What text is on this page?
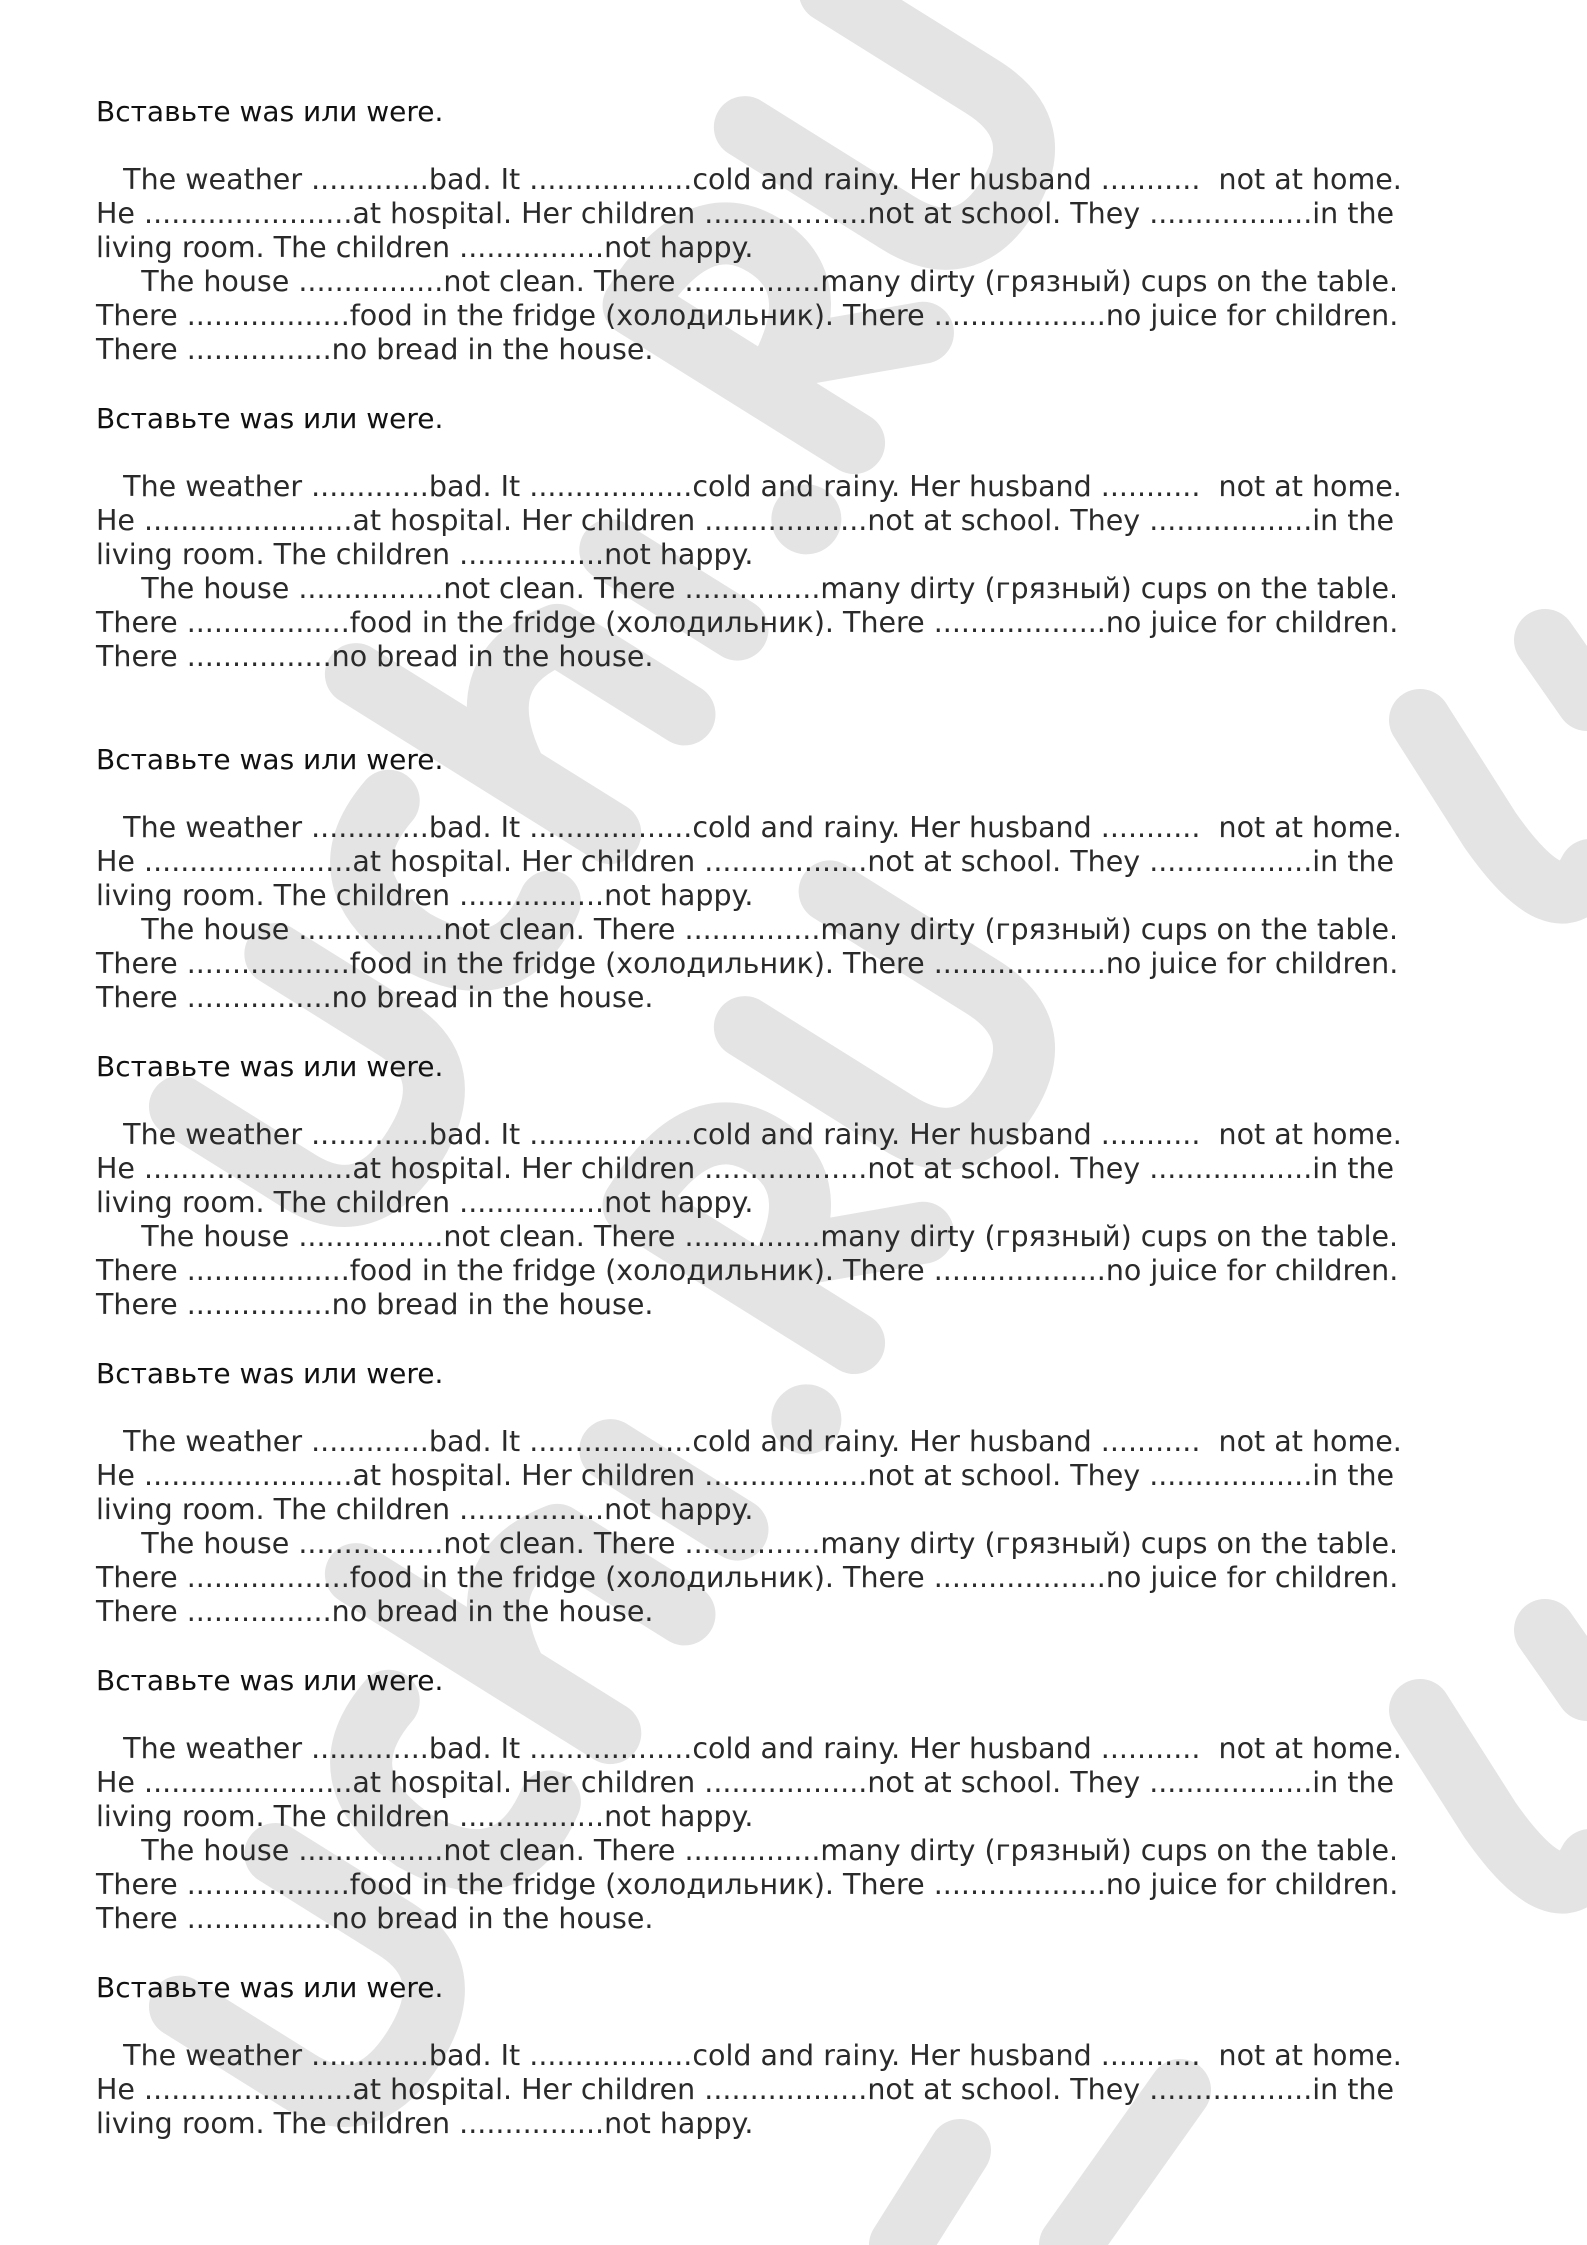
Вставьте was или were.

The weather .............bad. It ..................cold and rainy. Her husband ...........  not at home.

He .......................at hospital. Her children ..................not at school. They ..................in the

living room. The children ................not happy.

The house ................not clean. There ...............many dirty (грязный) cups on the table.

There ..................food in the fridge (холодильник). There ...................no juice for children.

There ................no bread in the house.

Вставьте was или were.

The weather .............bad. It ..................cold and rainy. Her husband ...........  not at home.

He .......................at hospital. Her children ..................not at school. They ..................in the

living room. The children ................not happy.

The house ................not clean. There ...............many dirty (грязный) cups on the table.

There ..................food in the fridge (холодильник). There ...................no juice for children.

There ................no bread in the house.

Вставьте was или were.

The weather .............bad. It ..................cold and rainy. Her husband ...........  not at home.

He .......................at hospital. Her children ..................not at school. They ..................in the

living room. The children ................not happy.

The house ................not clean. There ...............many dirty (грязный) cups on the table.

There ..................food in the fridge (холодильник). There ...................no juice for children.

There ................no bread in the house.

Вставьте was или were.

The weather .............bad. It ..................cold and rainy. Her husband ...........  not at home.

He .......................at hospital. Her children ..................not at school. They ..................in the

living room. The children ................not happy.

The house ................not clean. There ...............many dirty (грязный) cups on the table.

There ..................food in the fridge (холодильник). There ...................no juice for children.

There ................no bread in the house.

Вставьте was или were.

The weather .............bad. It ..................cold and rainy. Her husband ...........  not at home.

He .......................at hospital. Her children ..................not at school. They ..................in the

living room. The children ................not happy.

The house ................not clean. There ...............many dirty (грязный) cups on the table.

There ..................food in the fridge (холодильник). There ...................no juice for children.

There ................no bread in the house.

Вставьте was или were.

The weather .............bad. It ..................cold and rainy. Her husband ...........  not at home.

He .......................at hospital. Her children ..................not at school. They ..................in the

living room. The children ................not happy.

The house ................not clean. There ...............many dirty (грязный) cups on the table.

There ..................food in the fridge (холодильник). There ...................no juice for children.

There ................no bread in the house.

Вставьте was или were.

The weather .............bad. It ..................cold and rainy. Her husband ...........  not at home.

He .......................at hospital. Her children ..................not at school. They ..................in the

living room. The children ................not happy.
